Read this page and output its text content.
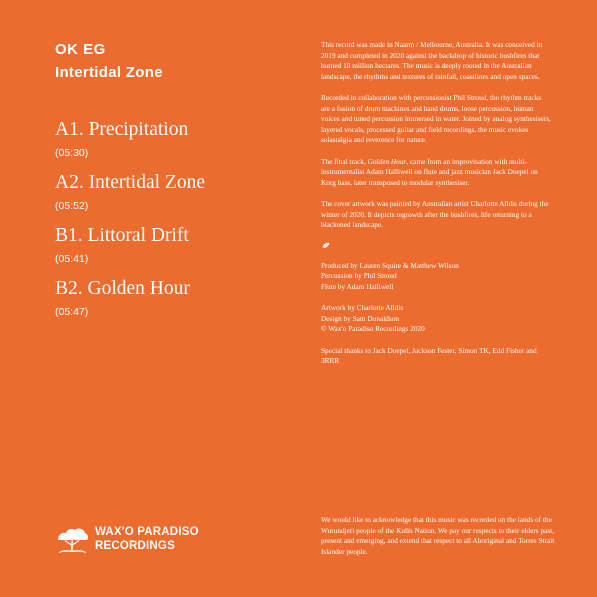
OK EG
Intertidal Zone
A1. Precipitation
(05:30)
A2. Intertidal Zone
(05:52)
B1. Littoral Drift
(05:41)
B2. Golden Hour
(05:47)

This record was made in Naarm / Melbourne, Australia. It was conceived in 2019 and completed in 2020 against the backdrop of historic bushfires that burned 18 million hectares. The music is deeply rooted in the Australian landscape, the rhythms and textures of rainfall, coastlines and open spaces.

Recorded in collaboration with percussionist Phil Stroud, the rhythm tracks are a fusion of drum machines and hand drums, loose percussion, human voices and tuned percussion immersed in water. Joined by analog synthesisers, layered vocals, processed guitar and field recordings, the music evokes solastalgia and reverence for nature.

The final track, Golden Hour, came from an improvisation with multi-instrumentalist Adam Halliwell on flute and jazz musician Jack Doepel on Korg bass, later transposed to modular synthesiser.

The cover artwork was painted by Australian artist Charlotte Alldis during the winter of 2020. It depicts regrowth after the bushfires, life returning to a blackened landscape.

Produced by Lauren Squire & Matthew Wilson
Percussion by Phil Stroud
Flute by Adam Halliwell

Artwork by Charlotte Alldis
Design by Sam Donaldson
© Wax'o Paradiso Recordings 2020

Special thanks to Jack Doepel, Jackson Fester, Simon TK, Edd Fisher and 3RRR

We would like to acknowledge that this music was recorded on the lands of the Wurundjeri people of the Kulin Nation. We pay our respects to their elders past, present and emerging, and extend that respect to all Aboriginal and Torres Strait Islander people.
WAX'O PARADISO
RECORDINGS
